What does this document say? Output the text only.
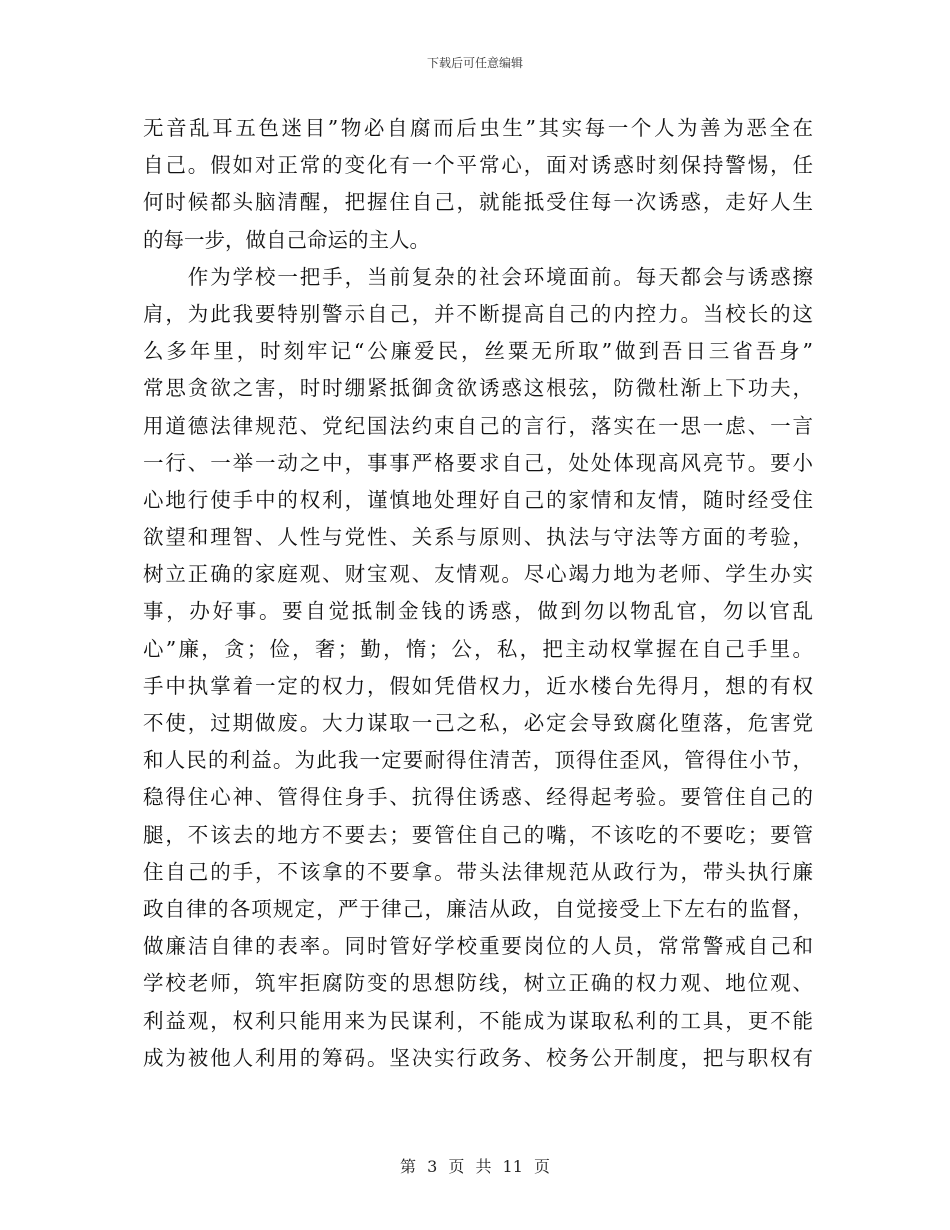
下载后可任意编辑
无音乱耳五色迷目”物必自腐而后虫生”其实每一个人为善为恶全在
自己。假如对正常的变化有一个平常心，面对诱惑时刻保持警惕，任
何时候都头脑清醒，把握住自己，就能抵受住每一次诱惑，走好人生
的每一步，做自己命运的主人。
　　作为学校一把手，当前复杂的社会环境面前。每天都会与诱惑擦
肩，为此我要特别警示自己，并不断提高自己的内控力。当校长的这
么多年里，时刻牢记“公廉爱民，丝粟无所取”做到吾日三省吾身”
常思贪欲之害，时时绷紧抵御贪欲诱惑这根弦，防微杜渐上下功夫，
用道德法律规范、党纪国法约束自己的言行，落实在一思一虑、一言
一行、一举一动之中，事事严格要求自己，处处体现高风亮节。要小
心地行使手中的权利，谨慎地处理好自己的家情和友情，随时经受住
欲望和理智、人性与党性、关系与原则、执法与守法等方面的考验，
树立正确的家庭观、财宝观、友情观。尽心竭力地为老师、学生办实
事，办好事。要自觉抵制金钱的诱惑，做到勿以物乱官，勿以官乱
心”廉，贪；俭，奢；勤，惰；公，私，把主动权掌握在自己手里。
手中执掌着一定的权力，假如凭借权力，近水楼台先得月，想的有权
不使，过期做废。大力谋取一己之私，必定会导致腐化堕落，危害党
和人民的利益。为此我一定要耐得住清苦，顶得住歪风，管得住小节，
稳得住心神、管得住身手、抗得住诱惑、经得起考验。要管住自己的
腿，不该去的地方不要去；要管住自己的嘴，不该吃的不要吃；要管
住自己的手，不该拿的不要拿。带头法律规范从政行为，带头执行廉
政自律的各项规定，严于律己，廉洁从政，自觉接受上下左右的监督，
做廉洁自律的表率。同时管好学校重要岗位的人员，常常警戒自己和
学校老师，筑牢拒腐防变的思想防线，树立正确的权力观、地位观、
利益观，权利只能用来为民谋利，不能成为谋取私利的工具，更不能
成为被他人利用的筹码。坚决实行政务、校务公开制度，把与职权有
第 3 页 共 11 页
